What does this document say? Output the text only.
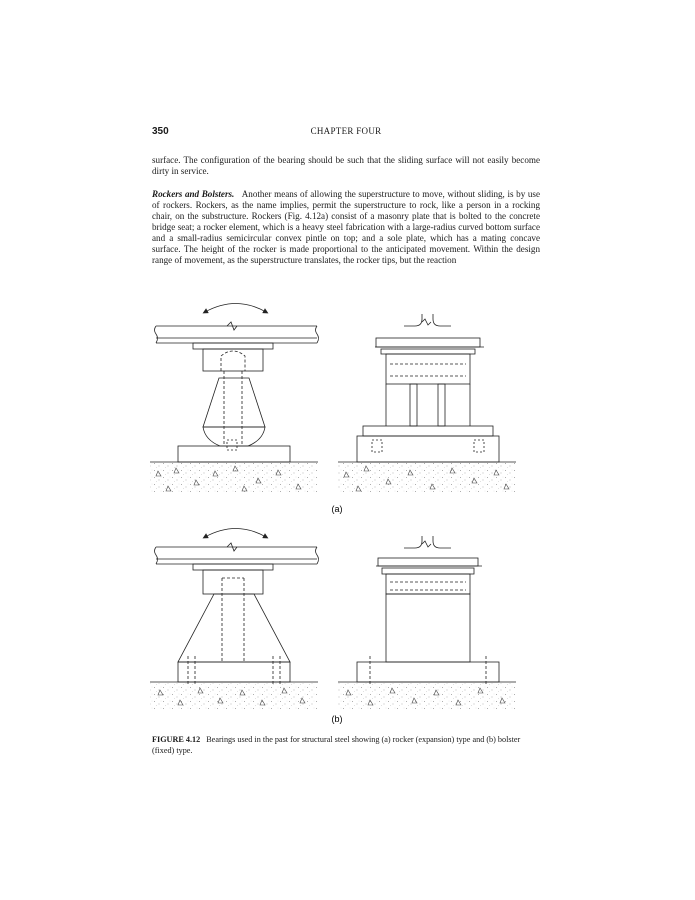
350	CHAPTER FOUR

surface. The configuration of the bearing should be such that the sliding surface will not easily become dirty in service.

Rockers and Bolsters. Another means of allowing the superstructure to move, without sliding, is by use of rockers. Rockers, as the name implies, permit the superstructure to rock, like a person in a rocking chair, on the substructure. Rockers (Fig. 4.12a) consist of a masonry plate that is bolted to the concrete bridge seat; a rocker element, which is a heavy steel fabrication with a large-radius curved bottom surface and a small-radius semicircular convex pintle on top; and a sole plate, which has a mating concave surface. The height of the rocker is made proportional to the anticipated movement. Within the design range of movement, as the superstructure translates, the rocker tips, but the reaction

(a)
(b)

FIGURE 4.12 Bearings used in the past for structural steel showing (a) rocker (expansion) type and (b) bolster (fixed) type.
